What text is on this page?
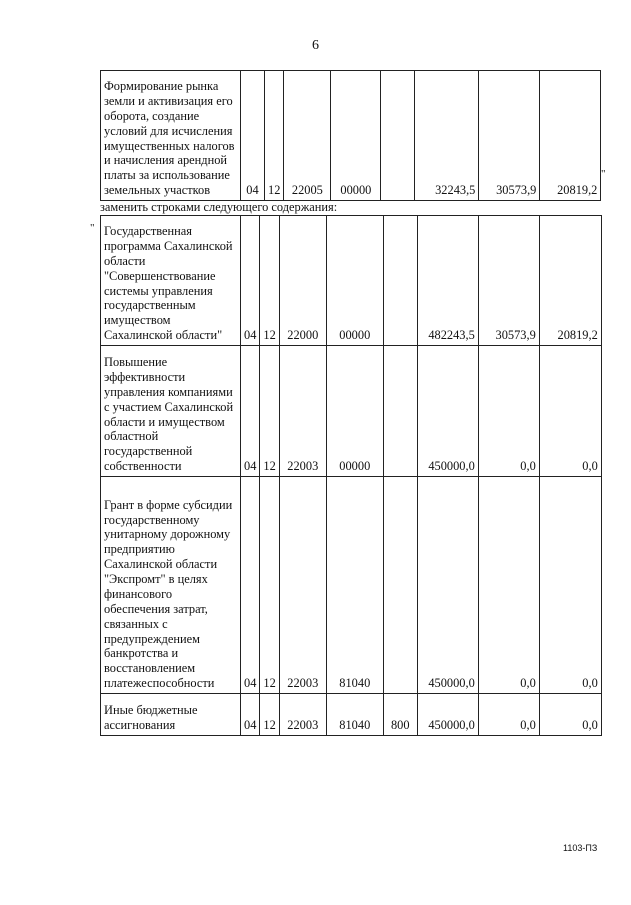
6
Формирование рынка земли и активизация его оборота, создание условий для исчисления имущественных налогов и начисления арендной платы за использование земельных участков	04	12	22005	00000		32243,5	30573,9	20819,2
"
заменить строками следующего содержания:
" Государственная программа Сахалинской области "Совершенствование системы управления государственным имуществом Сахалинской области"	04	12	22000	00000		482243,5	30573,9	20819,2
Повышение эффективности управления компаниями с участием Сахалинской области и имуществом областной государственной собственности	04	12	22003	00000		450000,0	0,0	0,0
Грант в форме субсидии государственному унитарному дорожному предприятию Сахалинской области "Экспромт" в целях финансового обеспечения затрат, связанных с предупреждением банкротства и восстановлением платежеспособности	04	12	22003	81040		450000,0	0,0	0,0
Иные бюджетные ассигнования	04	12	22003	81040	800	450000,0	0,0	0,0
1103-ПЗ
